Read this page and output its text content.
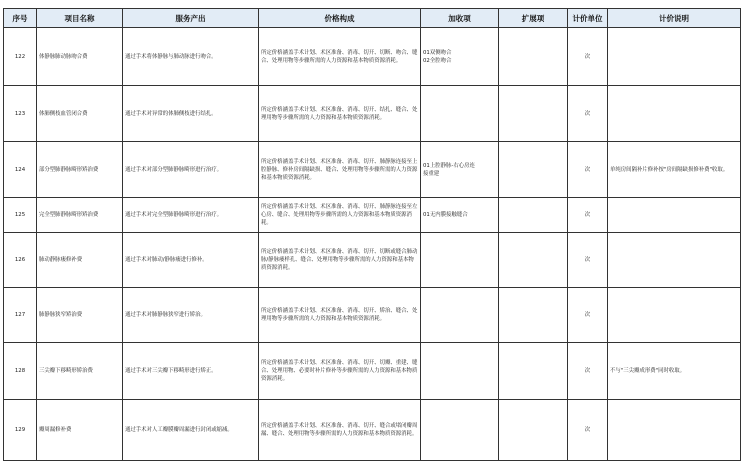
序号	项目名称	服务产出	价格构成	加收项	扩展项	计价单位	计价说明

122	体静脉肺动脉吻合费	通过手术将体静脉与肺动脉进行吻合。	所定价格涵盖手术计划、术区准备、消毒、切开、切断、吻合、缝合、处理用物等步骤所需的人力资源和基本物质资源消耗。	01双侧吻合
02全腔吻合		次	

123	体肺侧枝血管闭合费	通过手术对异常的体肺侧枝进行结扎。	所定价格涵盖手术计划、术区准备、消毒、切开、结扎、缝合、处理用物等步骤所需的人力资源和基本物质资源消耗。			次	

124	部分型肺静脉畸形矫治费	通过手术对部分型肺静脉畸形进行治疗。	所定价格涵盖手术计划、术区准备、消毒、切开、肺静脉连接至上腔静脉、修补房间隔缺损、缝合、处理用物等步骤所需的人力资源和基本物质资源消耗。	01上腔静脉-右心房连
接重建		次	单纯房间隔补片修补按"房间隔缺损修补费"收取。

125	完全型肺静脉畸形矫治费	通过手术对完全型肺静脉畸形进行治疗。	所定价格涵盖手术计划、术区准备、消毒、切开、肺静脉连接至左心房、缝合、处理用物等步骤所需的人力资源和基本物质资源消耗。	01无内膜接触缝合		次	

126	肺动静脉瘘修补费	通过手术对肺动/静脉瘘进行修补。	所定价格涵盖手术计划、术区准备、消毒、切开、切断或缝合肺动脉/静脉瘘样孔、缝合、处理用物等步骤所需的人力资源和基本物质资源消耗。			次	

127	肺静脉狭窄矫治费	通过手术对肺静脉狭窄进行矫治。	所定价格涵盖手术计划、术区准备、消毒、切开、矫治、缝合、处理用物等步骤所需的人力资源和基本物质资源消耗。			次	

128	三尖瓣下移畸形矫治费	通过手术对三尖瓣下移畸形进行矫正。	所定价格涵盖手术计划、术区准备、消毒、切开、切瓣、重建、缝合、处理用物、必要时补片修补等步骤所需的人力资源和基本物质资源消耗。			次	不与"三尖瓣成形费"同时收取。

129	瓣周漏修补费	通过手术对人工瓣膜瓣周漏进行封闭或缩减。	所定价格涵盖手术计划、术区准备、消毒、切开、缝合或堵闭瓣周漏、缝合、处理用物等步骤所需的人力资源和基本物质资源消耗。			次	
